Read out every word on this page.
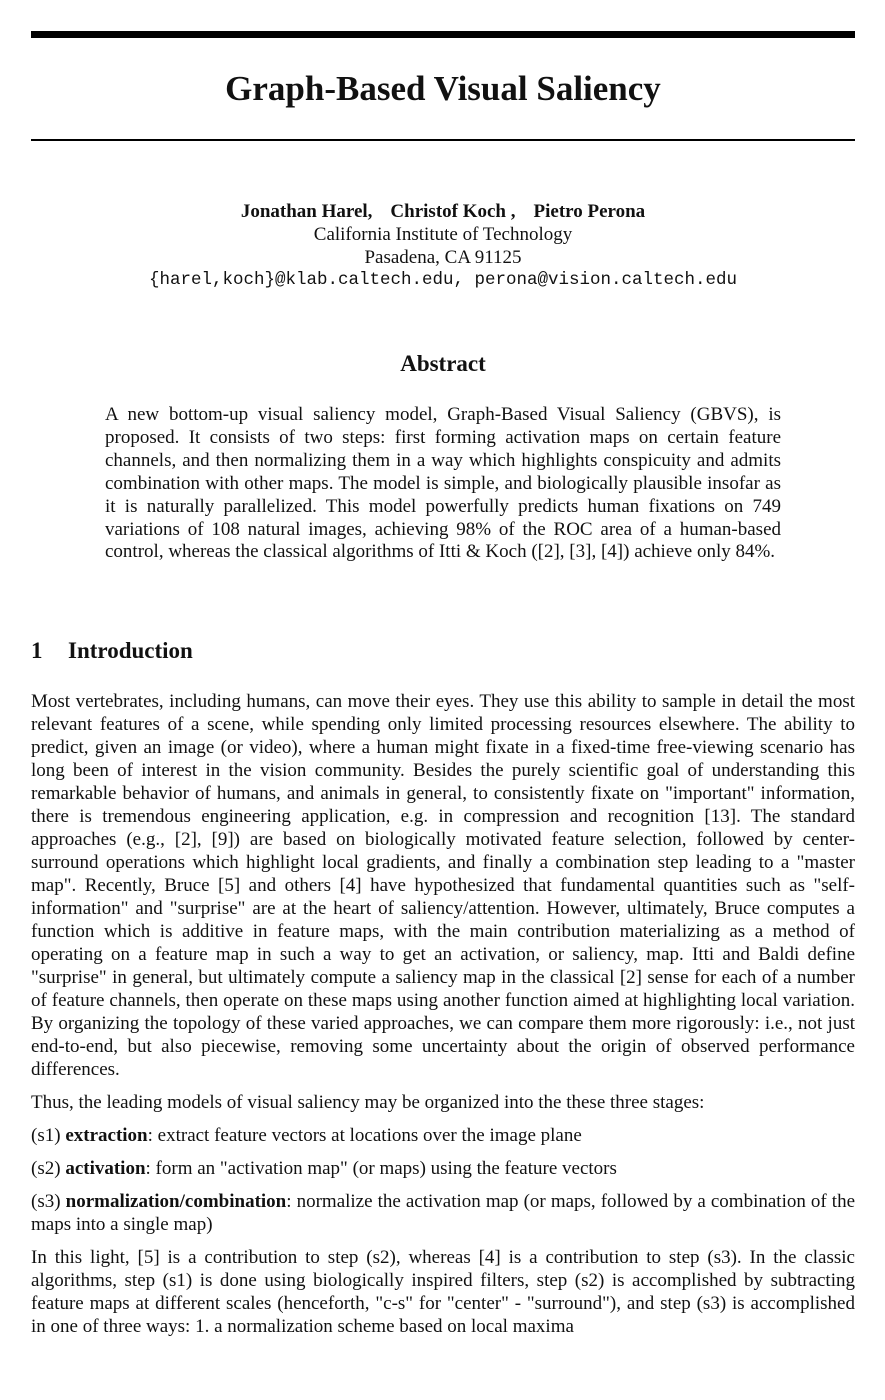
Graph-Based Visual Saliency
Jonathan Harel, Christof Koch , Pietro Perona
California Institute of Technology
Pasadena, CA 91125
{harel,koch}@klab.caltech.edu, perona@vision.caltech.edu
Abstract

A new bottom-up visual saliency model, Graph-Based Visual Saliency (GBVS), is proposed. It consists of two steps: first forming activation maps on certain feature channels, and then normalizing them in a way which highlights conspicuity and admits combination with other maps. The model is simple, and biologically plausible insofar as it is naturally parallelized. This model powerfully predicts human fixations on 749 variations of 108 natural images, achieving 98% of the ROC area of a human-based control, whereas the classical algorithms of Itti & Koch ([2], [3], [4]) achieve only 84%.

1 Introduction

Most vertebrates, including humans, can move their eyes. They use this ability to sample in detail the most relevant features of a scene, while spending only limited processing resources elsewhere. The ability to predict, given an image (or video), where a human might fixate in a fixed-time free-viewing scenario has long been of interest in the vision community. Besides the purely scientific goal of understanding this remarkable behavior of humans, and animals in general, to consistently fixate on "important" information, there is tremendous engineering application, e.g. in compression and recognition [13]. The standard approaches (e.g., [2], [9]) are based on biologically motivated feature selection, followed by center-surround operations which highlight local gradients, and finally a combination step leading to a "master map". Recently, Bruce [5] and others [4] have hypothesized that fundamental quantities such as "self-information" and "surprise" are at the heart of saliency/attention. However, ultimately, Bruce computes a function which is additive in feature maps, with the main contribution materializing as a method of operating on a feature map in such a way to get an activation, or saliency, map. Itti and Baldi define "surprise" in general, but ultimately compute a saliency map in the classical [2] sense for each of a number of feature channels, then operate on these maps using another function aimed at highlighting local variation. By organizing the topology of these varied approaches, we can compare them more rigorously: i.e., not just end-to-end, but also piecewise, removing some uncertainty about the origin of observed performance differences.

Thus, the leading models of visual saliency may be organized into the these three stages:

(s1) extraction: extract feature vectors at locations over the image plane

(s2) activation: form an "activation map" (or maps) using the feature vectors

(s3) normalization/combination: normalize the activation map (or maps, followed by a combination of the maps into a single map)

In this light, [5] is a contribution to step (s2), whereas [4] is a contribution to step (s3). In the classic algorithms, step (s1) is done using biologically inspired filters, step (s2) is accomplished by subtracting feature maps at different scales (henceforth, "c-s" for "center" - "surround"), and step (s3) is accomplished in one of three ways: 1. a normalization scheme based on local maxima
